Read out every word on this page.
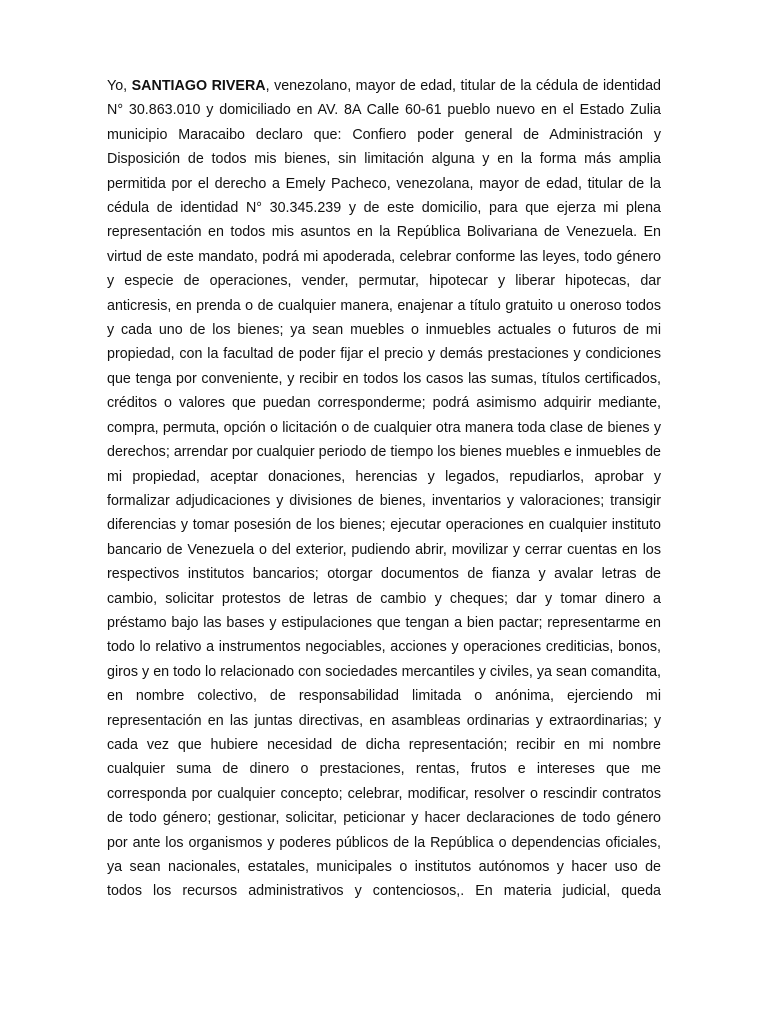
Yo, SANTIAGO RIVERA, venezolano, mayor de edad, titular de la cédula de identidad N° 30.863.010 y domiciliado en AV. 8A Calle 60-61 pueblo nuevo en el Estado Zulia municipio Maracaibo declaro que: Confiero poder general de Administración y Disposición de todos mis bienes, sin limitación alguna y en la forma más amplia permitida por el derecho a Emely Pacheco, venezolana, mayor de edad, titular de la cédula de identidad N° 30.345.239 y de este domicilio, para que ejerza mi plena representación en todos mis asuntos en la República Bolivariana de Venezuela. En virtud de este mandato, podrá mi apoderada, celebrar conforme las leyes, todo género y especie de operaciones, vender, permutar, hipotecar y liberar hipotecas, dar anticresis, en prenda o de cualquier manera, enajenar a título gratuito u oneroso todos y cada uno de los bienes; ya sean muebles o inmuebles actuales o futuros de mi propiedad, con la facultad de poder fijar el precio y demás prestaciones y condiciones que tenga por conveniente, y recibir en todos los casos las sumas, títulos certificados, créditos o valores que puedan corresponderme; podrá asimismo adquirir mediante, compra, permuta, opción o licitación o de cualquier otra manera toda clase de bienes y derechos; arrendar por cualquier periodo de tiempo los bienes muebles e inmuebles de mi propiedad, aceptar donaciones, herencias y legados, repudiarlos, aprobar y formalizar adjudicaciones y divisiones de bienes, inventarios y valoraciones; transigir diferencias y tomar posesión de los bienes; ejecutar operaciones en cualquier instituto bancario de Venezuela o del exterior, pudiendo abrir, movilizar y cerrar cuentas en los respectivos institutos bancarios; otorgar documentos de fianza y avalar letras de cambio, solicitar protestos de letras de cambio y cheques; dar y tomar dinero a préstamo bajo las bases y estipulaciones que tengan a bien pactar; representarme en todo lo relativo a instrumentos negociables, acciones y operaciones crediticias, bonos, giros y en todo lo relacionado con sociedades mercantiles y civiles, ya sean comandita, en nombre colectivo, de responsabilidad limitada o anónima, ejerciendo mi representación en las juntas directivas, en asambleas ordinarias y extraordinarias; y cada vez que hubiere necesidad de dicha representación; recibir en mi nombre cualquier suma de dinero o prestaciones, rentas, frutos e intereses que me corresponda por cualquier concepto; celebrar, modificar, resolver o rescindir contratos de todo género; gestionar, solicitar, peticionar y hacer declaraciones de todo género por ante los organismos y poderes públicos de la República o dependencias oficiales, ya sean nacionales, estatales, municipales o institutos autónomos y hacer uso de todos los recursos administrativos y contenciosos,. En materia judicial, queda
